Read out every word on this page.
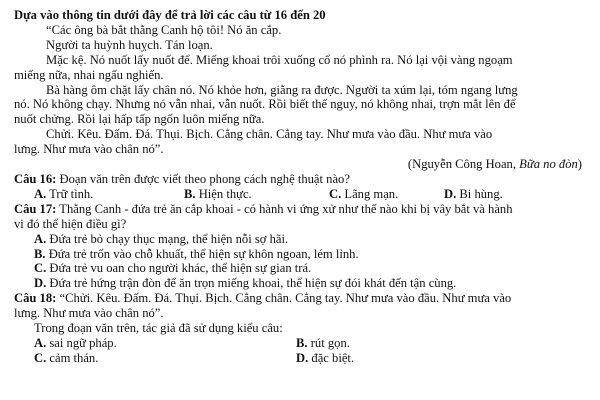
Dựa vào thông tin dưới đây để trả lời các câu từ 16 đến 20
“Các ông bà bắt thằng Canh hộ tôi! Nó ăn cắp.
Người ta huỳnh huỵch. Tán loạn.
Mặc kệ. Nó nuốt lấy nuốt để. Miếng khoai trôi xuống cổ nó phình ra. Nó lại vội vàng ngoạm
miếng nữa, nhai ngấu nghiến.
Bà hàng ôm chặt lấy chân nó. Nó khỏe hơn, giằng ra được. Người ta xúm lại, tóm ngang lưng
nó. Nó không chạy. Nhưng nó vẫn nhai, vẫn nuốt. Rồi biết thế nguy, nó không nhai, trợn mắt lên để
nuốt chửng. Rồi lại hấp tấp ngốn luôn miếng nữa.
Chửi. Kêu. Đấm. Đá. Thụi. Bịch. Cẳng chân. Cẳng tay. Như mưa vào đầu. Như mưa vào
lưng. Như mưa vào chân nó”.
(Nguyễn Công Hoan, Bữa no đòn)
Câu 16: Đoạn văn trên được viết theo phong cách nghệ thuật nào?
A. Trữ tình.	B. Hiện thực.	C. Lãng mạn.	D. Bi hùng.
Câu 17: Thằng Canh - đứa trẻ ăn cắp khoai - có hành vi ứng xử như thế nào khi bị vây bắt và hành
vi đó thể hiện điều gì?
A. Đứa trẻ bỏ chạy thục mạng, thể hiện nỗi sợ hãi.
B. Đứa trẻ trốn vào chỗ khuất, thể hiện sự khôn ngoan, lém lỉnh.
C. Đứa trẻ vu oan cho người khác, thể hiện sự gian trá.
D. Đứa trẻ hứng trận đòn để ăn trọn miếng khoai, thể hiện sự đói khát đến tận cùng.
Câu 18: “Chửi. Kêu. Đấm. Đá. Thụi. Bịch. Cẳng chân. Cẳng tay. Như mưa vào đầu. Như mưa vào
lưng. Như mưa vào chân nó”.
Trong đoạn văn trên, tác giả đã sử dụng kiểu câu:
A. sai ngữ pháp.	B. rút gọn.
C. cảm thán.	D. đặc biệt.
